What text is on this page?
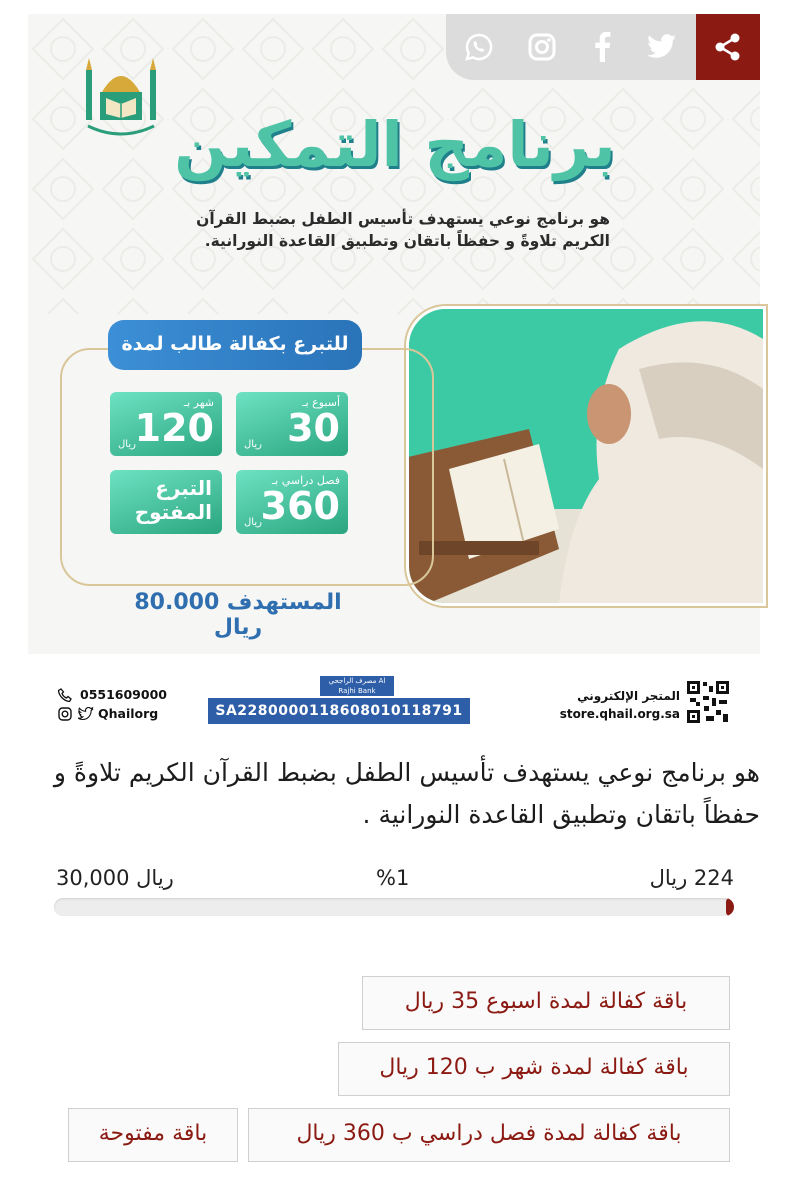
برنامج التمكين
هو برنامج نوعي يستهدف تأسيس الطفل بضبط القرآن الكريم تلاوةً و حفظاً باتقان وتطبيق القاعدة النورانية.
للتبرع بكفالة طالب لمدة
أسبوع بـ
30
ريال
شهر بـ
120
ريال
فصل دراسي بـ
360
ريال
التبرع
المفتوح
المستهدف 80.000 ريال
0551609000
Qhailorg
مصرف الراجحي Al Rajhi Bank
SA2280000118608010118791
المتجر الإلكتروني
store.qhail.org.sa
هو برنامج نوعي يستهدف تأسيس الطفل بضبط القرآن الكريم تلاوةً و حفظاً باتقان وتطبيق القاعدة النورانية .
30,000 ريال	%1	224 ريال
باقة كفالة لمدة اسبوع 35 ريال
باقة كفالة لمدة شهر ب 120 ريال
باقة كفالة لمدة فصل دراسي ب 360 ريال
باقة مفتوحة
